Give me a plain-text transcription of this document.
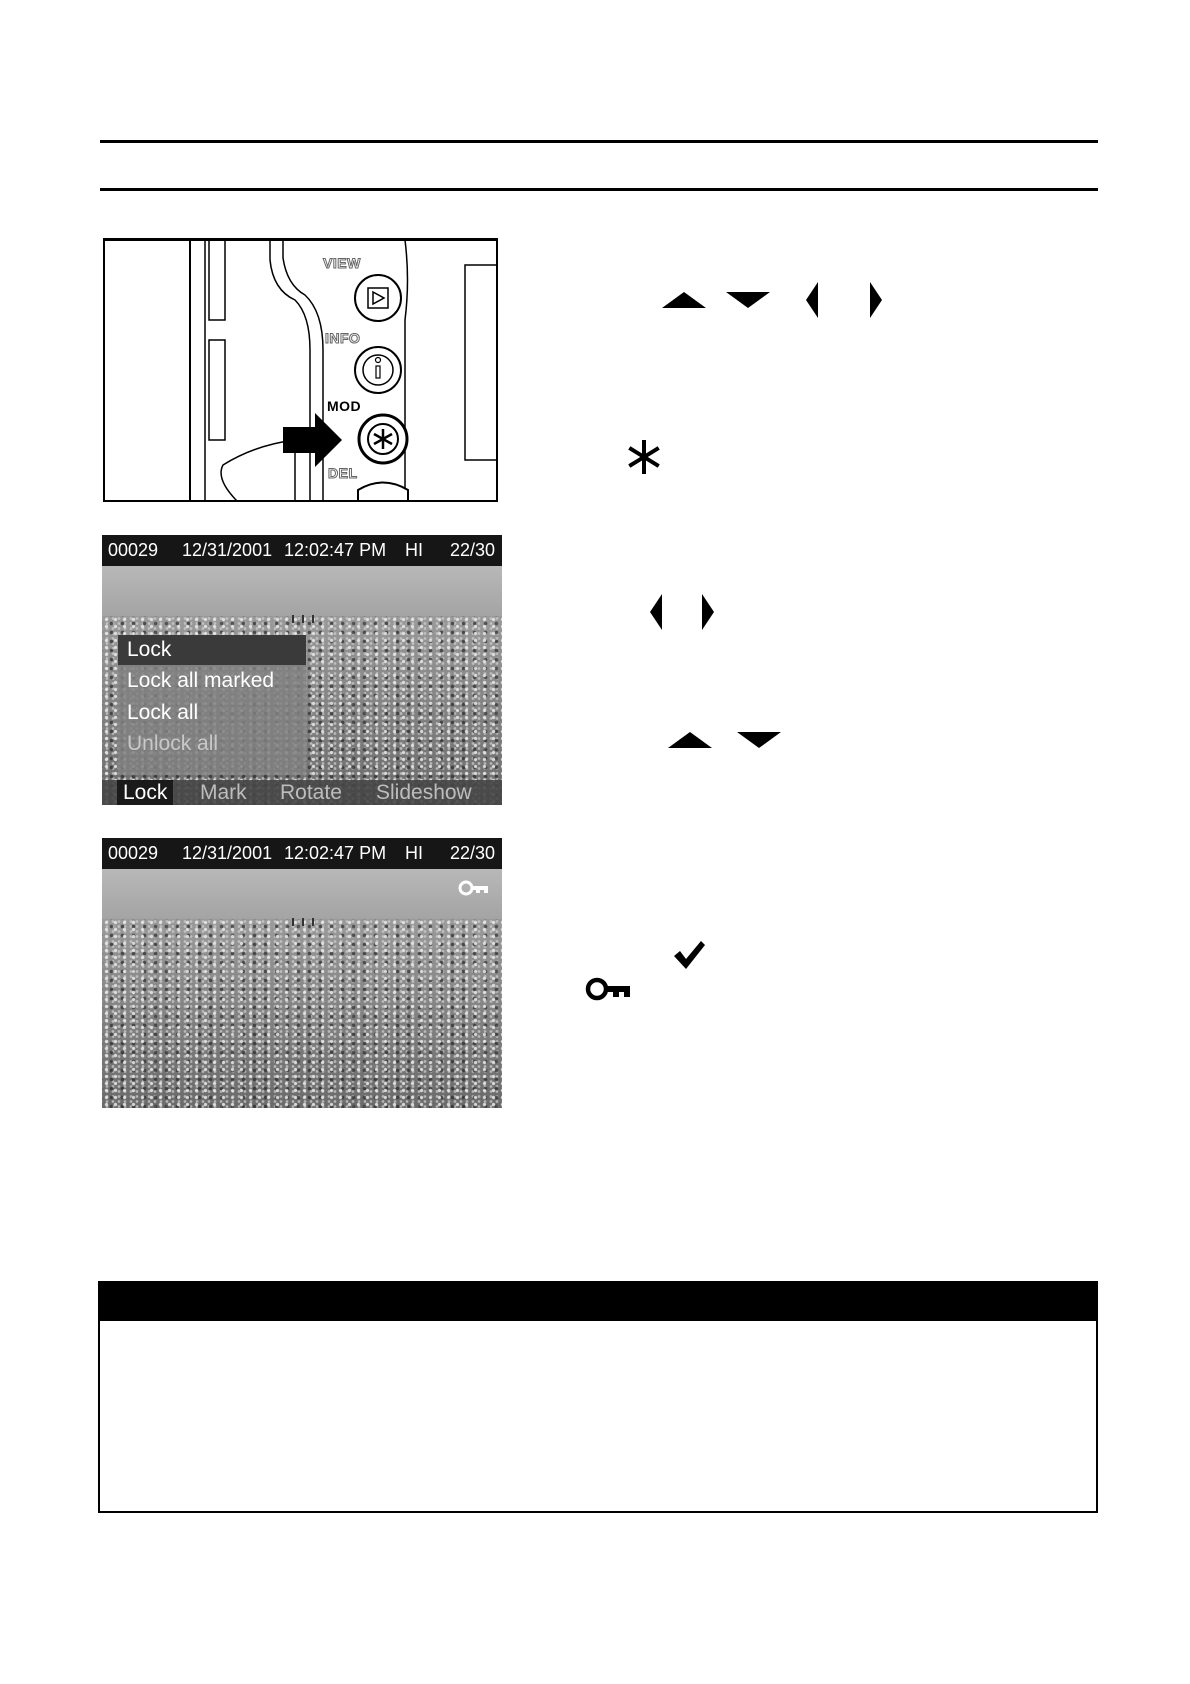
VIEW
INFO
MOD
DEL
00029 12/31/2001 12:02:47 PM HI 22/30
Lock
Lock all marked
Lock all
Unlock all
Lock Mark Rotate Slideshow
00029 12/31/2001 12:02:47 PM HI 22/30
